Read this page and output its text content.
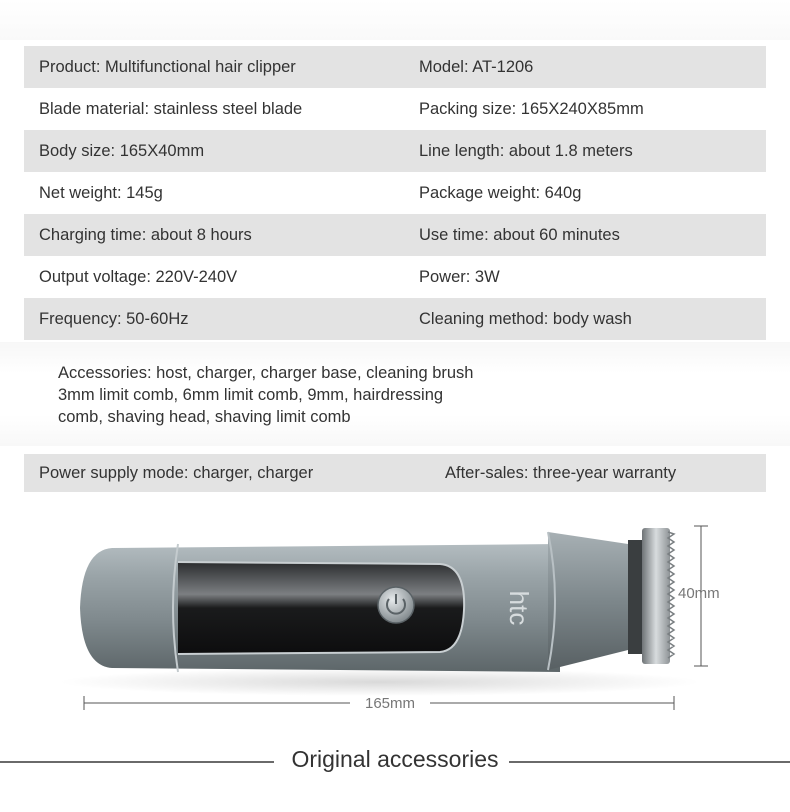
Product: Multifunctional hair clipper	Model: AT-1206
Blade material: stainless steel blade	Packing size: 165X240X85mm
Body size: 165X40mm	Line length: about 1.8 meters
Net weight: 145g	Package weight: 640g
Charging time: about 8 hours	Use time: about 60 minutes
Output voltage: 220V-240V	Power: 3W
Frequency: 50-60Hz	Cleaning method: body wash
Accessories: host, charger, charger base, cleaning brush
3mm limit comb, 6mm limit comb, 9mm, hairdressing
comb, shaving head, shaving limit comb
Power supply mode: charger, charger	After-sales: three-year warranty
htc	40mm
165mm
Original accessories
